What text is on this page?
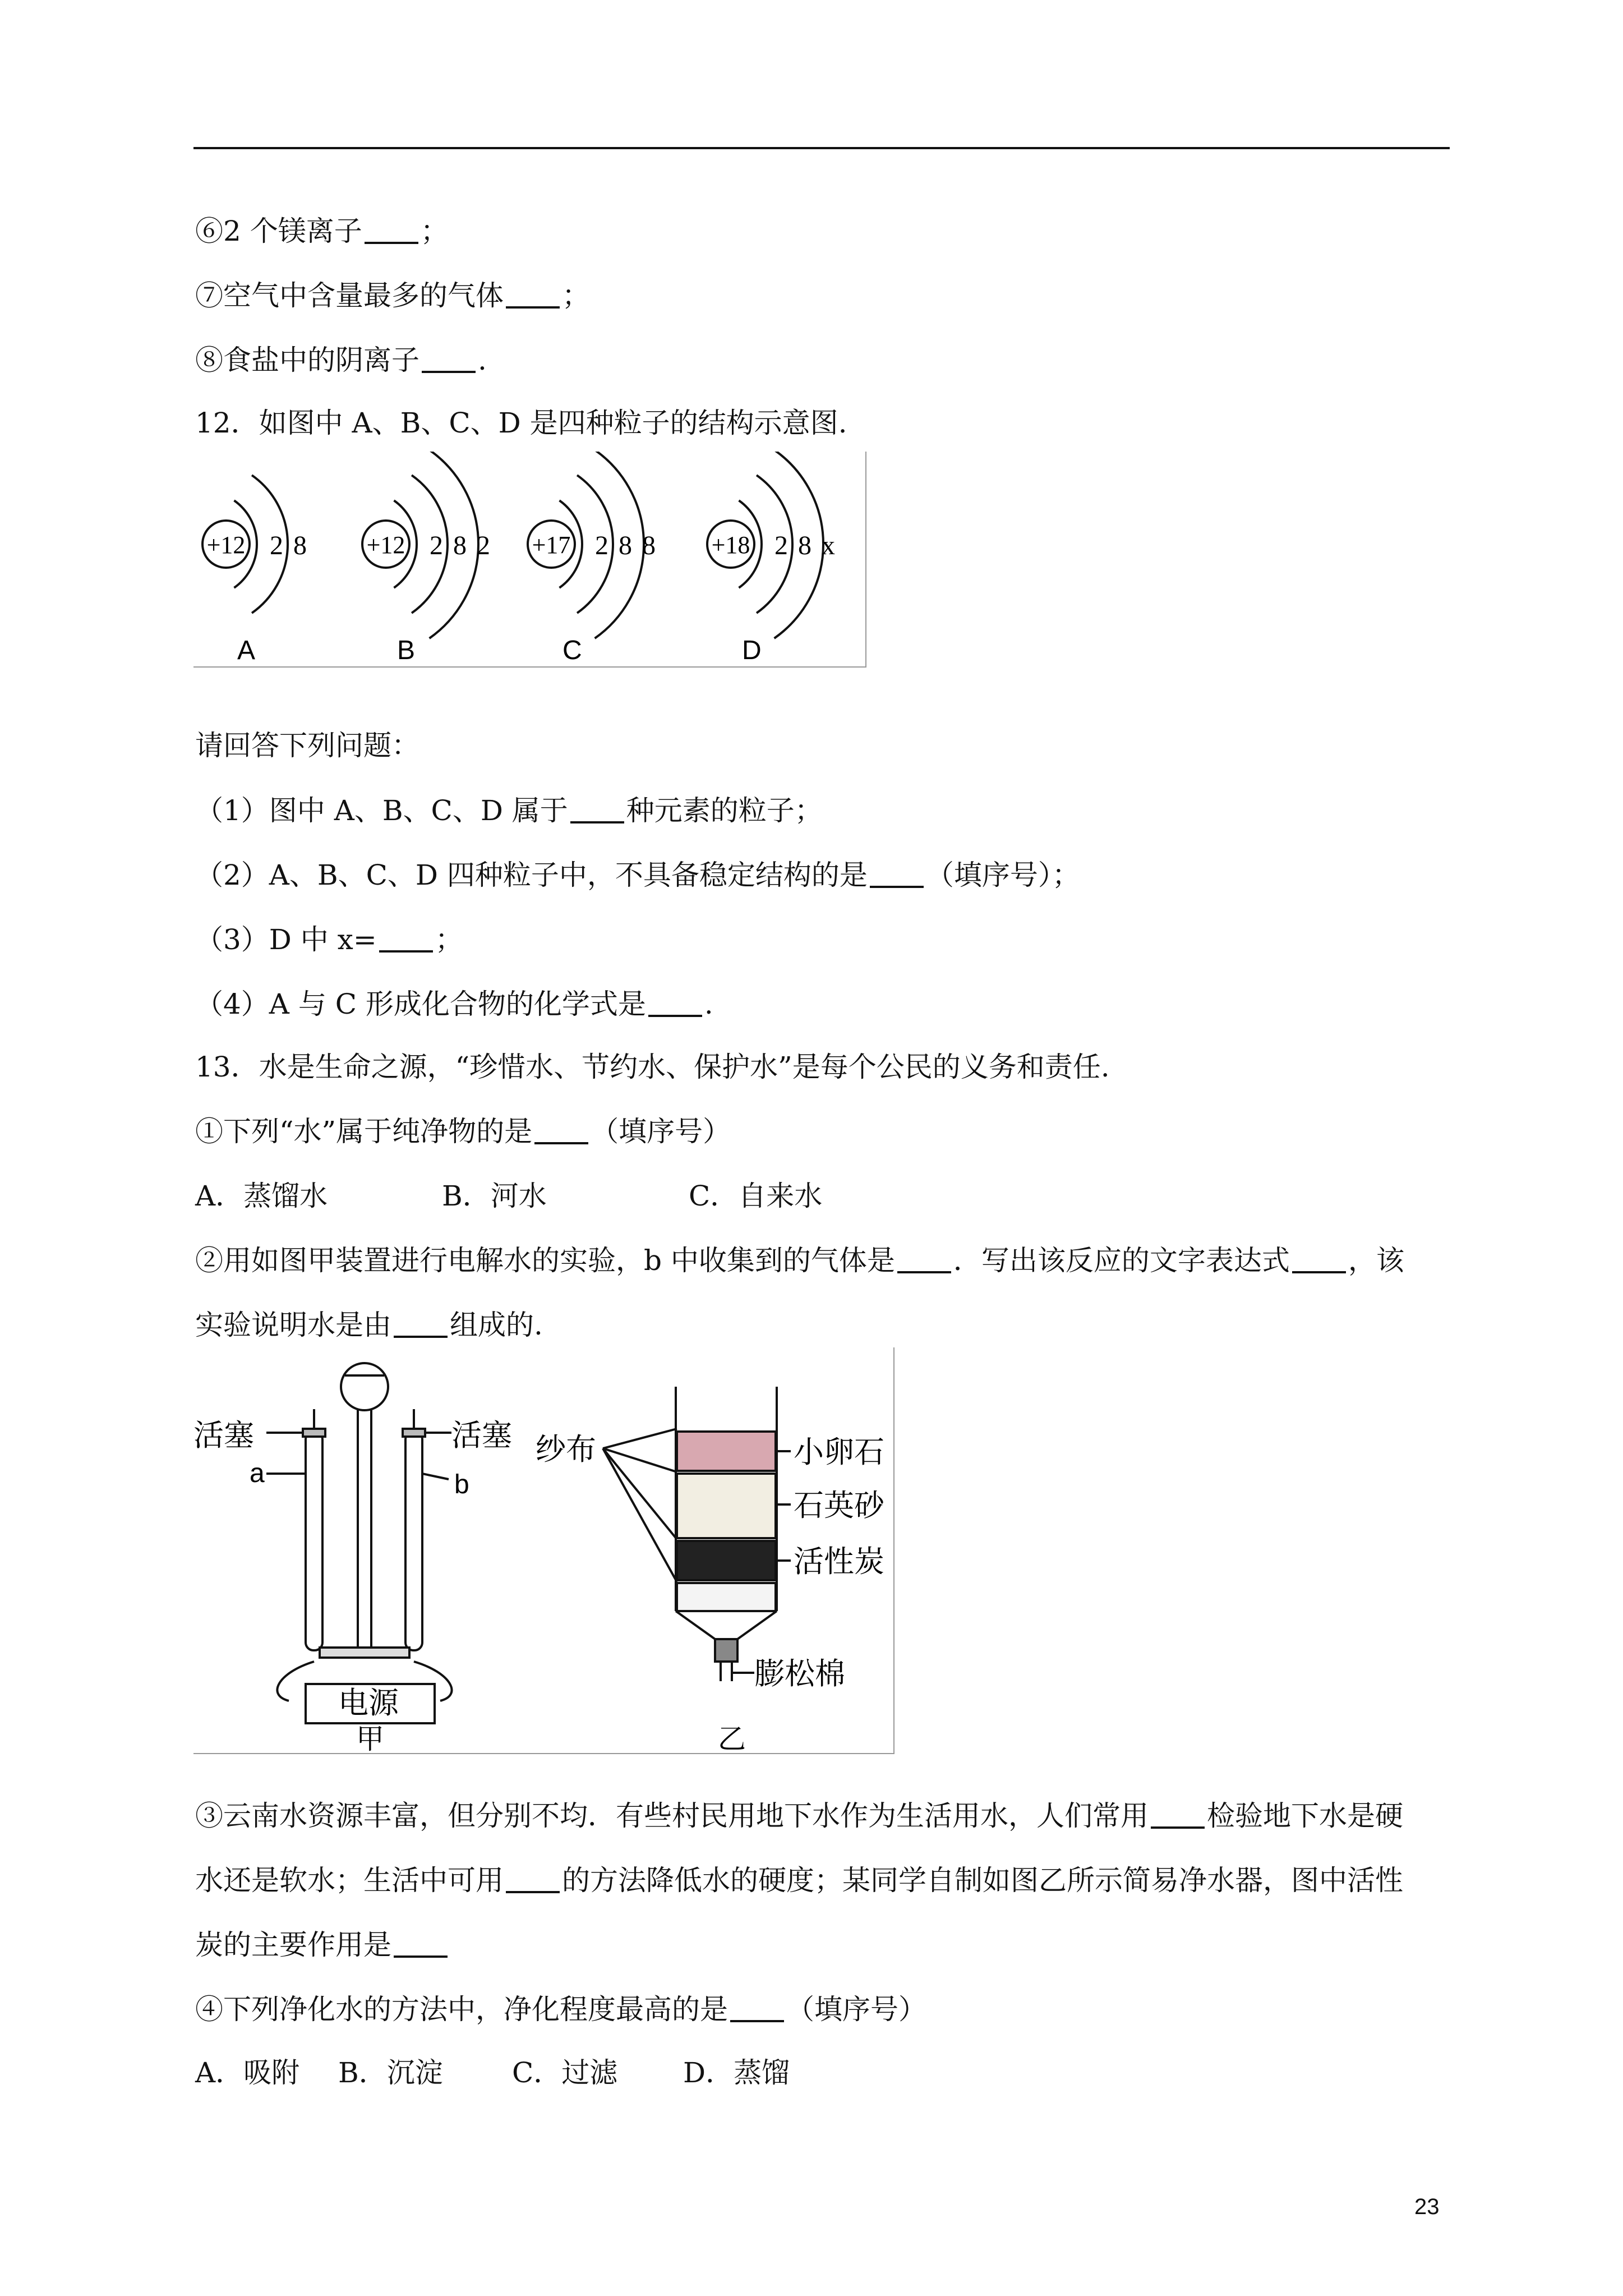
⑥2 个镁离子 ；
⑦空气中含量最多的气体 ；
⑧食盐中的阴离子 .
12．如图中 A、B、C、D 是四种粒子的结构示意图.
+12 2 8
A
+12 2 8 2
B
+17 2 8 8
C
+18 2 8 x
D
请回答下列问题：
（1）图中 A、B、C、D 属于 种元素的粒子；
（2）A、B、C、D 四种粒子中，不具备稳定结构的是 （填序号）；
（3）D 中 x= ；
（4）A 与 C 形成化合物的化学式是 .
13．水是生命之源，“珍惜水、节约水、保护水”是每个公民的义务和责任.
①下列“水”属于纯净物的是 （填序号）
A．蒸馏水	B．河水	C．自来水
②用如图甲装置进行电解水的实验，b 中收集到的气体是 ．写出该反应的文字表达式 ，该
实验说明水是由 组成的.
活塞	活塞
a	b
电源
甲
纱布	小卵石
石英砂
活性炭
膨松棉
乙
③云南水资源丰富，但分别不均．有些村民用地下水作为生活用水，人们常用 检验地下水是硬
水还是软水；生活中可用 的方法降低水的硬度；某同学自制如图乙所示简易净水器，图中活性
炭的主要作用是
④下列净化水的方法中，净化程度最高的是 （填序号）
A．吸附 B．沉淀 C．过滤 D．蒸馏
23
